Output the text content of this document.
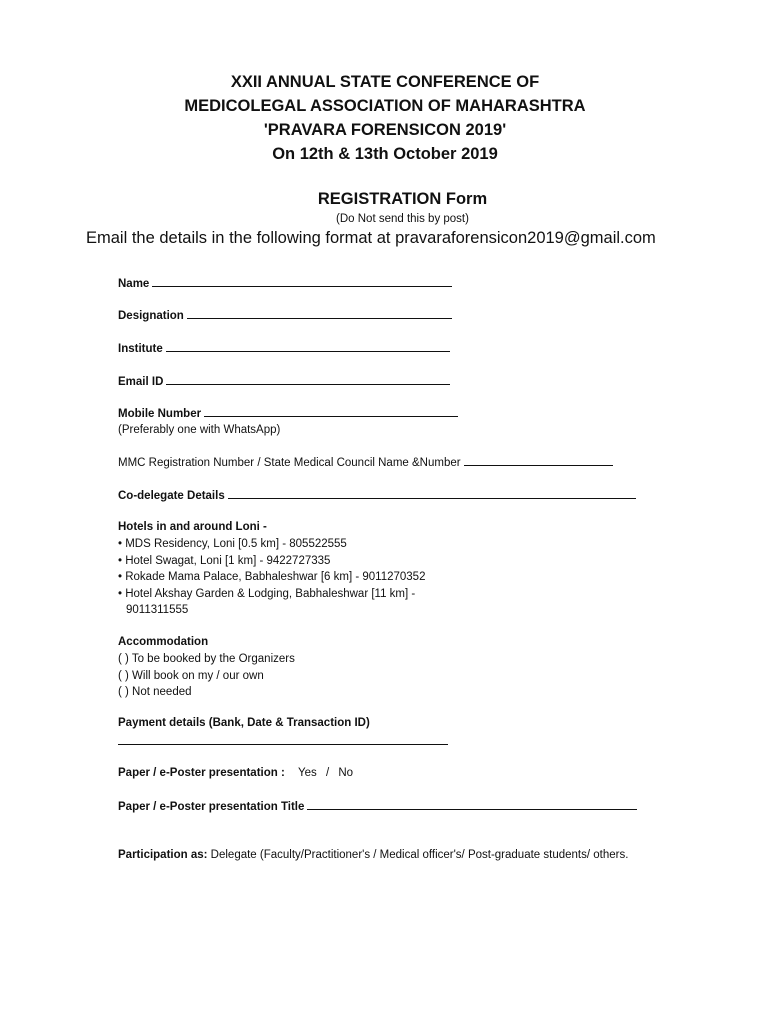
XXII ANNUAL STATE CONFERENCE OF
MEDICOLEGAL ASSOCIATION OF MAHARASHTRA
'PRAVARA FORENSICON 2019'
On 12th & 13th October 2019
REGISTRATION Form
(Do Not send this by post)
Email the details in the following format at pravaraforensicon2019@gmail.com
Name
Designation
Institute
Email ID
Mobile Number
(Preferably one with WhatsApp)
MMC Registration Number / State Medical Council Name &Number
Co-delegate Details
Hotels in and around Loni -
• MDS Residency, Loni [0.5 km] - 805522555
• Hotel Swagat, Loni [1 km] - 9422727335
• Rokade Mama Palace, Babhaleshwar [6 km] - 9011270352
• Hotel Akshay Garden & Lodging, Babhaleshwar [11 km] -
9011311555
Accommodation
( ) To be booked by the Organizers
( ) Will book on my / our own
( ) Not needed
Payment details (Bank, Date & Transaction ID)
Paper / e-Poster presentation : Yes / No
Paper / e-Poster presentation Title
Participation as: Delegate (Faculty/Practitioner's / Medical officer's/ Post-graduate students/ others.
